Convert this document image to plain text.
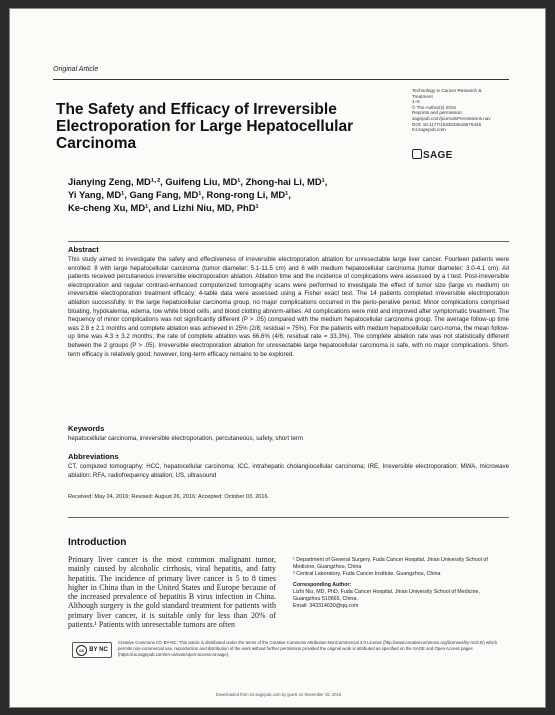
Original Article
The Safety and Efficacy of Irreversible Electroporation for Large Hepatocellular Carcinoma
Technology in Cancer Research &
Treatment
1–5
© The Author(s) 2016
Reprints and permission:
sagepub.com/journalsPermissions.nav
DOI: 10.1177/1533034616676445
tct.sagepub.com
SAGE
Jianying Zeng, MD¹·², Guifeng Liu, MD¹, Zhong-hai Li, MD¹,
Yi Yang, MD¹, Gang Fang, MD¹, Rong-rong Li, MD¹,
Ke-cheng Xu, MD¹, and Lizhi Niu, MD, PhD¹
Abstract
This study aimed to investigate the safety and effectiveness of irreversible electroporation ablation for unresectable large liver cancer. Fourteen patients were enrolled: 8 with large hepatocellular carcinoma (tumor diameter: 5.1-11.5 cm) and 6 with medium hepatocellular carcinoma (tumor diameter: 3.0-4.1 cm). All patients received percutaneous irreversible electroporation ablation. Ablation time and the incidence of complications were assessed by a t test. Post-irreversible electroporation and regular contrast-enhanced computerized tomography scans were performed to investigate the effect of tumor size (large vs medium) on irreversible electroporation treatment efficacy; 4-table data were assessed using a Fisher exact test. The 14 patients completed irreversible electroporation ablation successfully. In the large hepatocellular carcinoma group, no major complications occurred in the perio-perative period. Minor complications comprised bloating, hypokalemia, edema, low white blood cells, and blood clotting abnorm-alities. All complications were mild and improved after symptomatic treatment. The frequency of minor complications was not significantly different (P > .05) compared with the medium hepatocellular carcinoma group. The average follow-up time was 2.8 ± 2.1 months and complete ablation was achieved in 25% (2/8; residual = 75%). For the patients with medium hepatocellular carci-noma, the mean follow-up time was 4.3 ± 3.2 months; the rate of complete ablation was 66.6% (4/6; residual rate = 33.3%). The complete ablation rate was not statistically different between the 2 groups (P > .05). Irreversible electroporation ablation for unresectable large hepatocellular carcinoma is safe, with no major complications. Short-term efficacy is relatively good; however, long-term efficacy remains to be explored.
Keywords
hepatocellular carcinoma, irreversible electroporation, percutaneous, safety, short term
Abbreviations
CT, computed tomography; HCC, hepatocellular carcinoma; ICC, intrahepatic cholangiocellular carcinoma; IRE, Irreversible electroporation; MWA, microwave ablation; RFA, radiofrequency ablation; US, ultrasound
Received: May 24, 2016; Revised: August 26, 2016; Accepted: October 03, 2016.
Introduction
Primary liver cancer is the most common malignant tumor, mainly caused by alcoholic cirrhosis, viral hepatitis, and fatty hepatitis. The incidence of primary liver cancer is 5 to 8 times higher in China than in the United States and Europe because of the increased prevalence of hepatitis B virus infection in China. Although surgery is the gold standard treatment for patients with primary liver cancer, it is suitable only for less than 20% of patients.¹ Patients with unresectable tumors are often
¹ Department of General Surgery, Fuda Cancer Hospital, Jinan University School of Medicine, Guangzhou, China
² Central Laboratory, Fuda Cancer Institute, Guangzhou, China
Corresponding Author:
Lizhi Niu, MD, PhD, Fuda Cancer Hospital, Jinan University School of Medicine, Guangzhou 510665, China.
Email: 343314630@qq.com
cc BY NC
Creative Commons CC-BY-NC: This article is distributed under the terms of the Creative Commons Attribution-NonCommercial 3.0 License (http://www.creativecommons.org/licenses/by-nc/3.0/) which permits non-commercial use, reproduction and distribution of the work without further permission provided the original work is attributed as specified on the SAGE and Open Access pages (https://us.sagepub.com/en-us/nam/open-access-at-sage).
Downloaded from tct.sagepub.com by guest on November 15, 2016
